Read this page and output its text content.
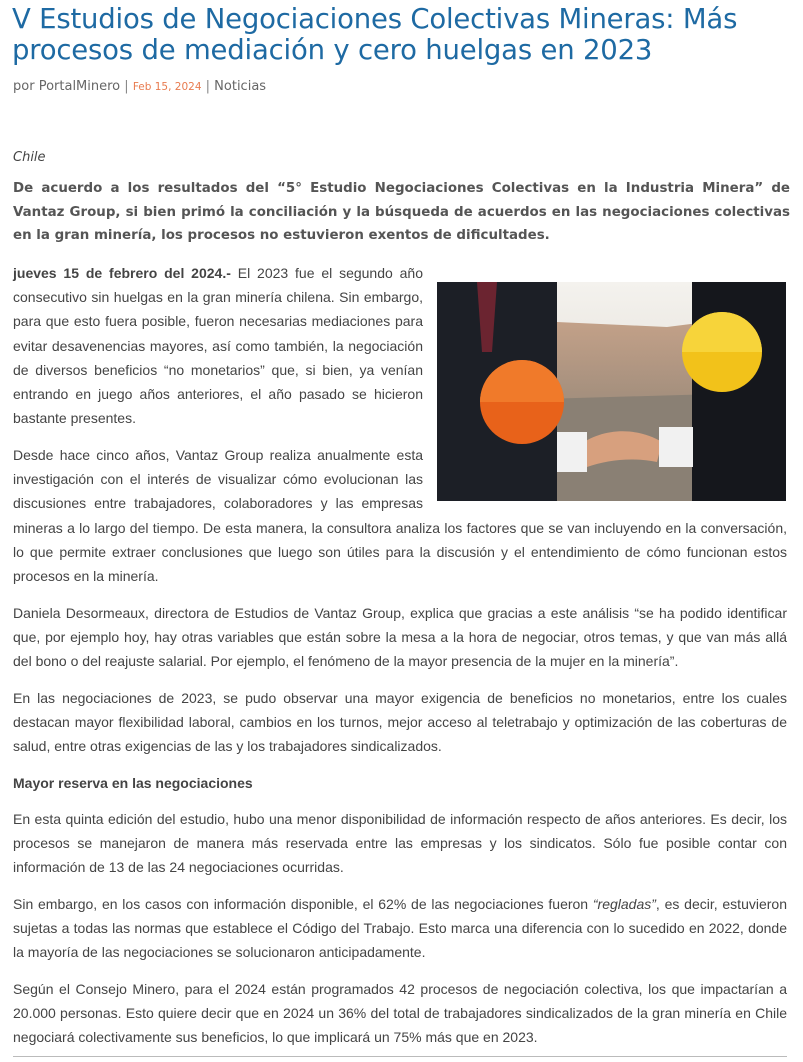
V Estudios de Negociaciones Colectivas Mineras: Más procesos de mediación y cero huelgas en 2023
por PortalMinero | Feb 15, 2024 | Noticias
Chile

De acuerdo a los resultados del “5° Estudio Negociaciones Colectivas en la Industria Minera” de Vantaz Group, si bien primó la conciliación y la búsqueda de acuerdos en las negociaciones colectivas en la gran minería, los procesos no estuvieron exentos de dificultades.

jueves 15 de febrero del 2024.- El 2023 fue el segundo año consecutivo sin huelgas en la gran minería chilena. Sin embargo, para que esto fuera posible, fueron necesarias mediaciones para evitar desavenencias mayores, así como también, la negociación de diversos beneficios “no monetarios” que, si bien, ya venían entrando en juego años anteriores, el año pasado se hicieron bastante presentes.

Desde hace cinco años, Vantaz Group realiza anualmente esta investigación con el interés de visualizar cómo evolucionan las discusiones entre trabajadores, colaboradores y las empresas mineras a lo largo del tiempo. De esta manera, la consultora analiza los factores que se van incluyendo en la conversación, lo que permite extraer conclusiones que luego son útiles para la discusión y el entendimiento de cómo funcionan estos procesos en la minería.

Daniela Desormeaux, directora de Estudios de Vantaz Group, explica que gracias a este análisis “se ha podido identificar que, por ejemplo hoy, hay otras variables que están sobre la mesa a la hora de negociar, otros temas, y que van más allá del bono o del reajuste salarial. Por ejemplo, el fenómeno de la mayor presencia de la mujer en la minería”.

En las negociaciones de 2023, se pudo observar una mayor exigencia de beneficios no monetarios, entre los cuales destacan mayor flexibilidad laboral, cambios en los turnos, mejor acceso al teletrabajo y optimización de las coberturas de salud, entre otras exigencias de las y los trabajadores sindicalizados.

Mayor reserva en las negociaciones

En esta quinta edición del estudio, hubo una menor disponibilidad de información respecto de años anteriores. Es decir, los procesos se manejaron de manera más reservada entre las empresas y los sindicatos. Sólo fue posible contar con información de 13 de las 24 negociaciones ocurridas.

Sin embargo, en los casos con información disponible, el 62% de las negociaciones fueron “regladas”, es decir, estuvieron sujetas a todas las normas que establece el Código del Trabajo. Esto marca una diferencia con lo sucedido en 2022, donde la mayoría de las negociaciones se solucionaron anticipadamente.

Según el Consejo Minero, para el 2024 están programados 42 procesos de negociación colectiva, los que impactarían a 20.000 personas. Esto quiere decir que en 2024 un 36% del total de trabajadores sindicalizados de la gran minería en Chile negociará colectivamente sus beneficios, lo que implicará un 75% más que en 2023.
